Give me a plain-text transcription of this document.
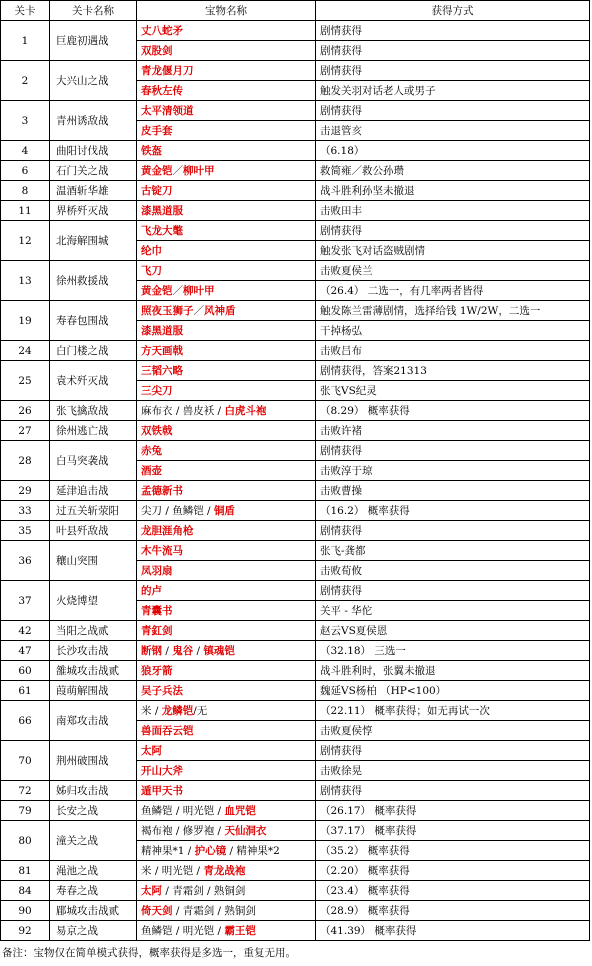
关卡	关卡名称	宝物名称	获得方式
1	巨鹿初遇战	丈八蛇矛	剧情获得
		双股剑	剧情获得
2	大兴山之战	青龙偃月刀	剧情获得
		春秋左传	触发关羽对话老人或男子
3	青州诱敌战	太平清领道	剧情获得
		皮手套	击退管亥
4	曲阳讨伐战	铁盔	（6.18）
6	石门关之战	黄金铠／柳叶甲	救简雍／救公孙瓒
8	温酒斩华雄	古锭刀	战斗胜利孙坚未撤退
11	界桥歼灭战	漆黑道服	击败田丰
12	北海解围城	飞龙大氅	剧情获得
		纶巾	触发张飞对话盗贼剧情
13	徐州救援战	飞刀	击败夏侯兰
		黄金铠／柳叶甲	（26.4） 二选一，有几率两者皆得
19	寿春包围战	照夜玉狮子／风神盾	触发陈兰雷薄剧情，选择给钱 1W/2W，二选一
		漆黑道服	干掉杨弘
24	白门楼之战	方天画戟	击败吕布
25	袁术歼灭战	三韬六略	剧情获得，答案21313
		三尖刀	张飞VS纪灵
26	张飞擒敌战	麻布衣 / 兽皮袄 / 白虎斗袍	（8.29） 概率获得
27	徐州逃亡战	双铁戟	击败许褚
28	白马突袭战	赤兔	剧情获得
		酒壶	击败淳于琼
29	延津追击战	孟德新书	击败曹操
33	过五关斩荥阳	尖刀 / 鱼鳞铠 / 铜盾	（16.2） 概率获得
35	叶县歼敌战	龙胆涯角枪	剧情获得
36	穰山突围	木牛流马	张飞-龚都
		凤羽扇	击败荀攸
37	火烧博望	的卢	剧情获得
		青囊书	关平 - 华佗
42	当阳之战贰	青釭剑	赵云VS夏侯恩
47	长沙攻击战	断钢 / 鬼谷 / 镇魂铠	（32.18） 三选一
60	雒城攻击战贰	狼牙箭	战斗胜利时，张翼未撤退
61	葭萌解围战	吴子兵法	魏延VS杨柏 （HP<100）
66	南郑攻击战	米 / 龙鳞铠/无	（22.11） 概率获得；如无再试一次
		兽面吞云铠	击败夏侯惇
70	荆州破围战	太阿	剧情获得
		开山大斧	击败徐晃
72	姊归攻击战	遁甲天书	剧情获得
79	长安之战	鱼鳞铠 / 明光铠 / 血咒铠	（26.17） 概率获得
80	潼关之战	褐布袍 / 修罗袍 / 天仙洞衣	（37.17） 概率获得
		精神果*1 / 护心镜 / 精神果*2	（35.2） 概率获得
81	渑池之战	米 / 明光铠 / 青龙战袍	（2.20） 概率获得
84	寿春之战	太阿 / 青霜剑 / 熟铜剑	（23.4） 概率获得
90	郿城攻击战贰	倚天剑 / 青霜剑 / 熟铜剑	（28.9） 概率获得
92	易京之战	鱼鳞铠 / 明光铠 / 霸王铠	（41.39） 概率获得
备注：宝物仅在简单模式获得，概率获得是多选一，重复无用。
